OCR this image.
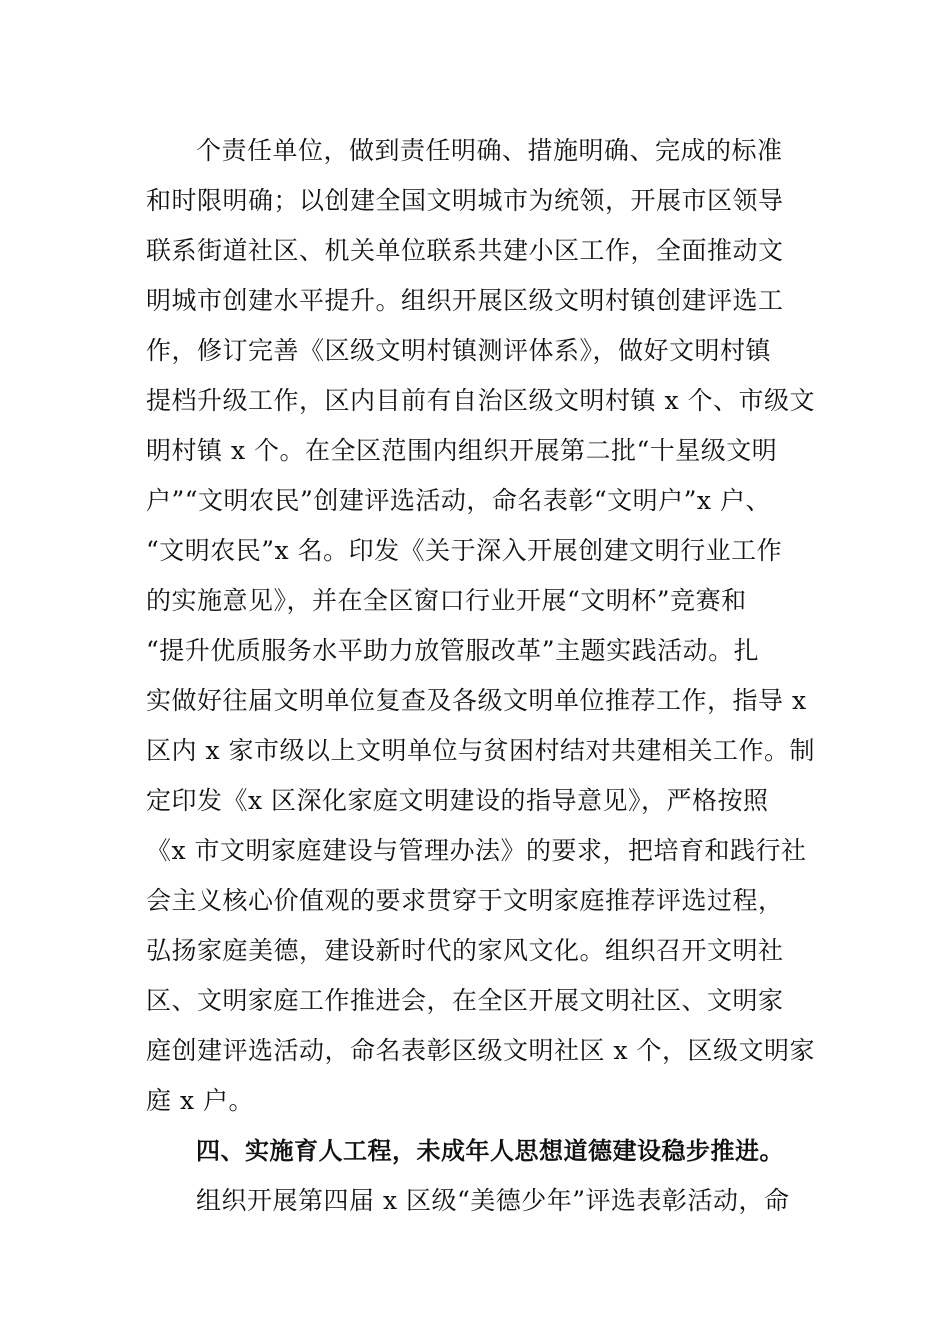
个责任单位，做到责任明确、措施明确、完成的标准
和时限明确；以创建全国文明城市为统领，开展市区领导
联系街道社区、机关单位联系共建小区工作，全面推动文
明城市创建水平提升。组织开展区级文明村镇创建评选工
作，修订完善《区级文明村镇测评体系》，做好文明村镇
提档升级工作，区内目前有自治区级文明村镇 x 个、市级文
明村镇 x 个。在全区范围内组织开展第二批“十星级文明
户”“文明农民”创建评选活动，命名表彰“文明户”x 户、
“文明农民”x 名。印发《关于深入开展创建文明行业工作
的实施意见》，并在全区窗口行业开展“文明杯”竞赛和
“提升优质服务水平助力放管服改革”主题实践活动。扎
实做好往届文明单位复查及各级文明单位推荐工作，指导 x
区内 x 家市级以上文明单位与贫困村结对共建相关工作。制
定印发《x 区深化家庭文明建设的指导意见》，严格按照
《x 市文明家庭建设与管理办法》的要求，把培育和践行社
会主义核心价值观的要求贯穿于文明家庭推荐评选过程，
弘扬家庭美德，建设新时代的家风文化。组织召开文明社
区、文明家庭工作推进会，在全区开展文明社区、文明家
庭创建评选活动，命名表彰区级文明社区 x 个，区级文明家
庭 x 户。
四、实施育人工程，未成年人思想道德建设稳步推进。
组织开展第四届 x 区级“美德少年”评选表彰活动，命
